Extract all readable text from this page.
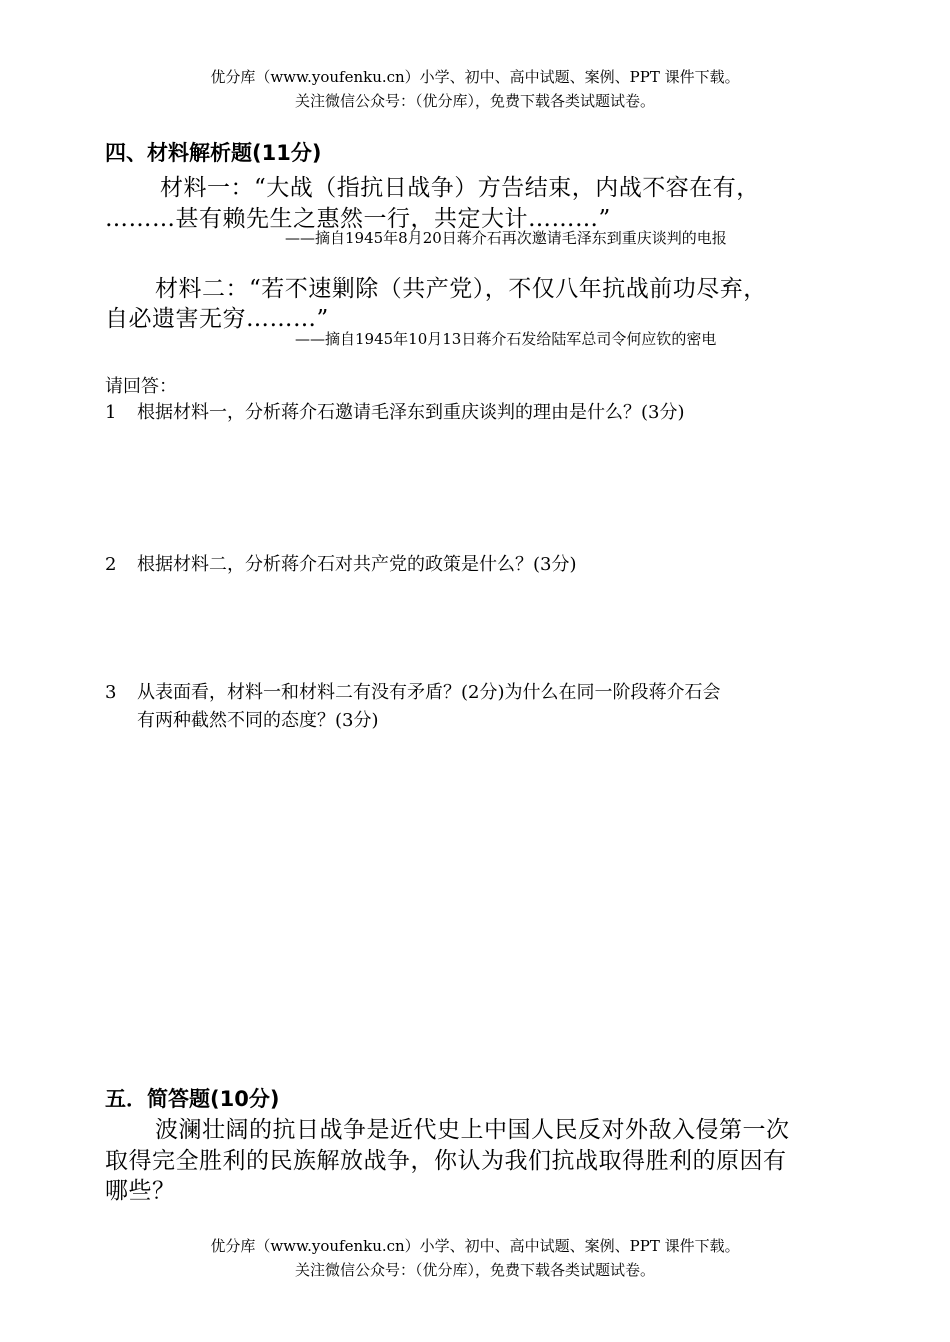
优分库（www.youfenku.cn）小学、初中、高中试题、案例、PPT 课件下载。
关注微信公众号：（优分库），免费下载各类试题试卷。
四、材料解析题(11分)
材料一：“大战（指抗日战争）方告结束，内战不容在有，
………甚有赖先生之惠然一行，共定大计………”
——摘自1945年8月20日蒋介石再次邀请毛泽东到重庆谈判的电报
材料二：“若不速剿除（共产党），不仅八年抗战前功尽弃，
自必遗害无穷………”
——摘自1945年10月13日蒋介石发给陆军总司令何应钦的密电
请回答：
1 根据材料一，分析蒋介石邀请毛泽东到重庆谈判的理由是什么？(3分)
2 根据材料二，分析蒋介石对共产党的政策是什么？(3分)
3 从表面看，材料一和材料二有没有矛盾？(2分)为什么在同一阶段蒋介石会
有两种截然不同的态度？(3分)
五．简答题(10分)
波澜壮阔的抗日战争是近代史上中国人民反对外敌入侵第一次
取得完全胜利的民族解放战争，你认为我们抗战取得胜利的原因有
哪些？
优分库（www.youfenku.cn）小学、初中、高中试题、案例、PPT 课件下载。
关注微信公众号：（优分库），免费下载各类试题试卷。
